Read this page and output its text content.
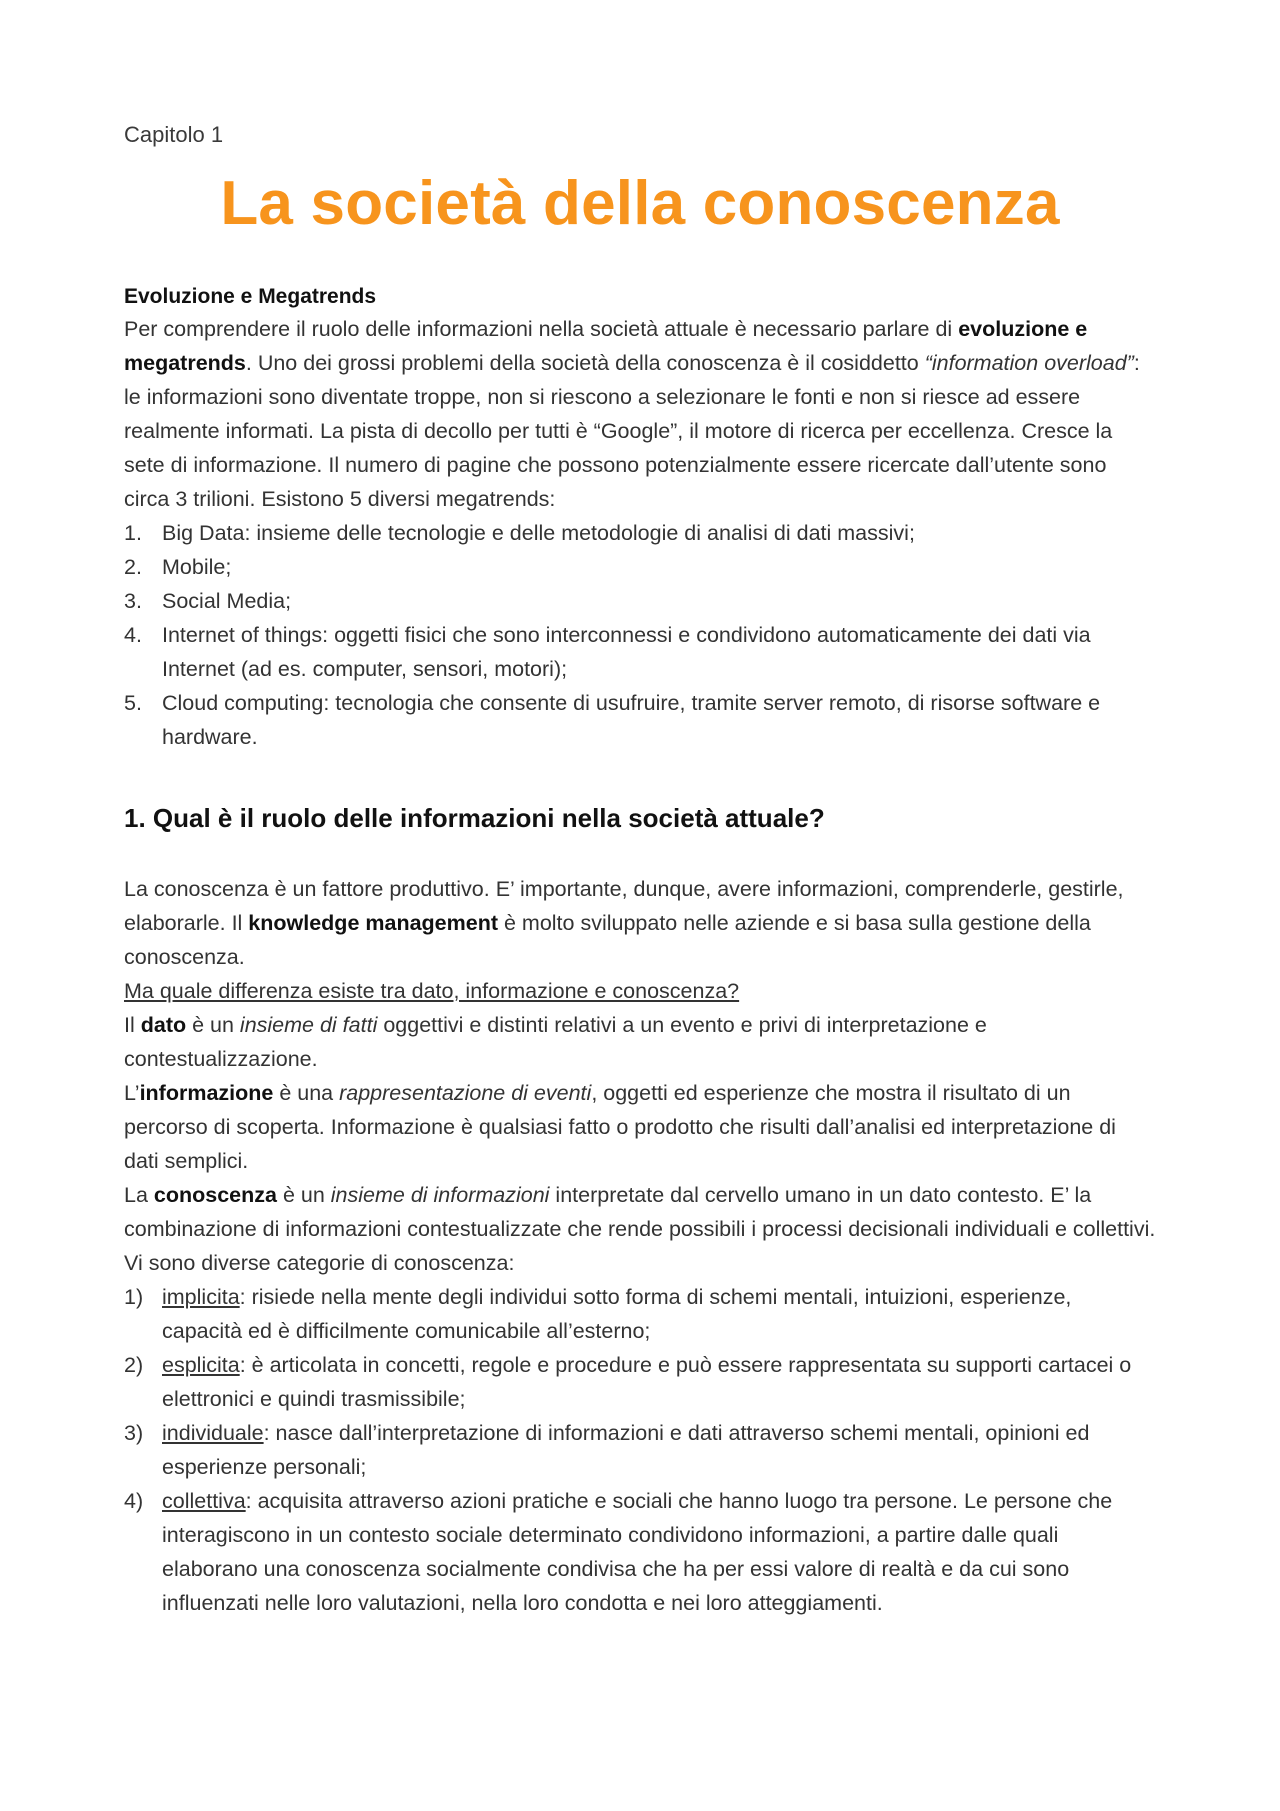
Capitolo 1
La società della conoscenza
Evoluzione e Megatrends

Per comprendere il ruolo delle informazioni nella società attuale è necessario parlare di evoluzione e megatrends. Uno dei grossi problemi della società della conoscenza è il cosiddetto “information overload”: le informazioni sono diventate troppe, non si riescono a selezionare le fonti e non si riesce ad essere realmente informati. La pista di decollo per tutti è “Google”, il motore di ricerca per eccellenza. Cresce la sete di informazione. Il numero di pagine che possono potenzialmente essere ricercate dall’utente sono circa 3 trilioni. Esistono 5 diversi megatrends:

1. Big Data: insieme delle tecnologie e delle metodologie di analisi di dati massivi;
2. Mobile;
3. Social Media;
4. Internet of things: oggetti fisici che sono interconnessi e condividono automaticamente dei dati via Internet (ad es. computer, sensori, motori);
5. Cloud computing: tecnologia che consente di usufruire, tramite server remoto, di risorse software e hardware.
1. Qual è il ruolo delle informazioni nella società attuale?

La conoscenza è un fattore produttivo. E’ importante, dunque, avere informazioni, comprenderle, gestirle, elaborarle. Il knowledge management è molto sviluppato nelle aziende e si basa sulla gestione della conoscenza.

Ma quale differenza esiste tra dato, informazione e conoscenza?

Il dato è un insieme di fatti oggettivi e distinti relativi a un evento e privi di interpretazione e contestualizzazione.

L’informazione è una rappresentazione di eventi, oggetti ed esperienze che mostra il risultato di un percorso di scoperta. Informazione è qualsiasi fatto o prodotto che risulti dall’analisi ed interpretazione di dati semplici.

La conoscenza è un insieme di informazioni interpretate dal cervello umano in un dato contesto. E’ la combinazione di informazioni contestualizzate che rende possibili i processi decisionali individuali e collettivi. Vi sono diverse categorie di conoscenza:

1) implicita: risiede nella mente degli individui sotto forma di schemi mentali, intuizioni, esperienze, capacità ed è difficilmente comunicabile all’esterno;
2) esplicita: è articolata in concetti, regole e procedure e può essere rappresentata su supporti cartacei o elettronici e quindi trasmissibile;
3) individuale: nasce dall’interpretazione di informazioni e dati attraverso schemi mentali, opinioni ed esperienze personali;
4) collettiva: acquisita attraverso azioni pratiche e sociali che hanno luogo tra persone. Le persone che interagiscono in un contesto sociale determinato condividono informazioni, a partire dalle quali elaborano una conoscenza socialmente condivisa che ha per essi valore di realtà e da cui sono influenzati nelle loro valutazioni, nella loro condotta e nei loro atteggiamenti.
